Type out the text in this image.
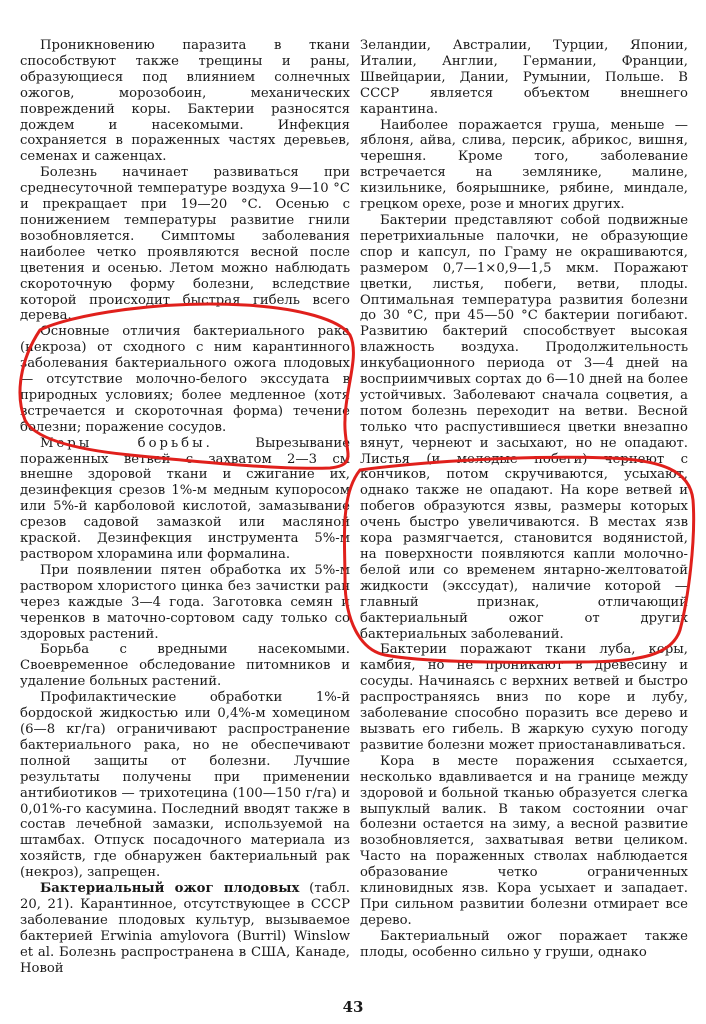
Проникновению паразита в ткани способствуют также трещины и раны, образующиеся под влиянием солнечных ожогов, морозобоин, механических повреждений коры. Бактерии разносятся дождем и насекомыми. Инфекция сохраняется в пораженных частях деревьев, семенах и саженцах.

Болезнь начинает развиваться при среднесуточной температуре воздуха 9—10 °С и прекращает при 19—20 °С. Осенью с понижением температуры развитие гнили возобновляется. Симптомы заболевания наиболее четко проявляются весной после цветения и осенью. Летом можно наблюдать скороточную форму болезни, вследствие которой происходит быстрая гибель всего дерева.

Основные отличия бактериального рака (некроза) от сходного с ним карантинного заболевания бактериального ожога плодовых — отсутствие молочно-белого экссудата в природных условиях; более медленное (хотя встречается и скороточная форма) течение болезни; поражение сосудов.

Меры борьбы. Вырезывание пораженных ветвей с захватом 2—3 см внешне здоровой ткани и сжигание их, дезинфекция срезов 1%-м медным купоросом или 5%-й карболовой кислотой, замазывание срезов садовой замазкой или масляной краской. Дезинфекция инструмента 5%-м раствором хлорамина или формалина.

При появлении пятен обработка их 5%-м раствором хлористого цинка без зачистки ран через каждые 3—4 года. Заготовка семян и черенков в маточно-сортовом саду только со здоровых растений.

Борьба с вредными насекомыми. Своевременное обследование питомников и удаление больных растений.

Профилактические обработки 1%-й бордоской жидкостью или 0,4%-м хомецином (6—8 кг/га) ограничивают распространение бактериального рака, но не обеспечивают полной защиты от болезни. Лучшие результаты получены при применении антибиотиков — трихотецина (100—150 г/га) и 0,01%-го касумина. Последний вводят также в состав лечебной замазки, используемой на штамбах. Отпуск посадочного материала из хозяйств, где обнаружен бактериальный рак (некроз), запрещен.

Бактериальный ожог плодовых (табл. 20, 21). Карантинное, отсутствующее в СССР заболевание плодовых культур, вызываемое бактерией Erwinia amylovora (Burril) Winslow et al. Болезнь распространена в США, Канаде, Новой

Зеландии, Австралии, Турции, Японии, Италии, Англии, Германии, Франции, Швейцарии, Дании, Румынии, Польше. В СССР является объектом внешнего карантина.

Наиболее поражается груша, меньше — яблоня, айва, слива, персик, абрикос, вишня, черешня. Кроме того, заболевание встречается на землянике, малине, кизильнике, боярышнике, рябине, миндале, грецком орехе, розе и многих других.

Бактерии представляют собой подвижные перетрихиальные палочки, не образующие спор и капсул, по Граму не окрашиваются, размером 0,7—1×0,9—1,5 мкм. Поражают цветки, листья, побеги, ветви, плоды. Оптимальная температура развития болезни до 30 °С, при 45—50 °С бактерии погибают. Развитию бактерий способствует высокая влажность воздуха. Продолжительность инкубационного периода от 3—4 дней на восприимчивых сортах до 6—10 дней на более устойчивых. Заболевают сначала соцветия, а потом болезнь переходит на ветви. Весной только что распустившиеся цветки внезапно вянут, чернеют и засыхают, но не опадают. Листья (и молодые побеги) чернеют с кончиков, потом скручиваются, усыхают, однако также не опадают. На коре ветвей и побегов образуются язвы, размеры которых очень быстро увеличиваются. В местах язв кора размягчается, становится водянистой, на поверхности появляются капли молочно-белой или со временем янтарно-желтоватой жидкости (экссудат), наличие которой — главный признак, отличающий бактериальный ожог от других бактериальных заболеваний.

Бактерии поражают ткани луба, коры, камбия, но не проникают в древесину и сосуды. Начинаясь с верхних ветвей и быстро распространяясь вниз по коре и лубу, заболевание способно поразить все дерево и вызвать его гибель. В жаркую сухую погоду развитие болезни может приостанавливаться.

Кора в месте поражения ссыхается, несколько вдавливается и на границе между здоровой и больной тканью образуется слегка выпуклый валик. В таком состоянии очаг болезни остается на зиму, а весной развитие возобновляется, захватывая ветви целиком. Часто на пораженных стволах наблюдается образование четко ограниченных клиновидных язв. Кора усыхает и западает. При сильном развитии болезни отмирает все дерево.

Бактериальный ожог поражает также плоды, особенно сильно у груши, однако

43
